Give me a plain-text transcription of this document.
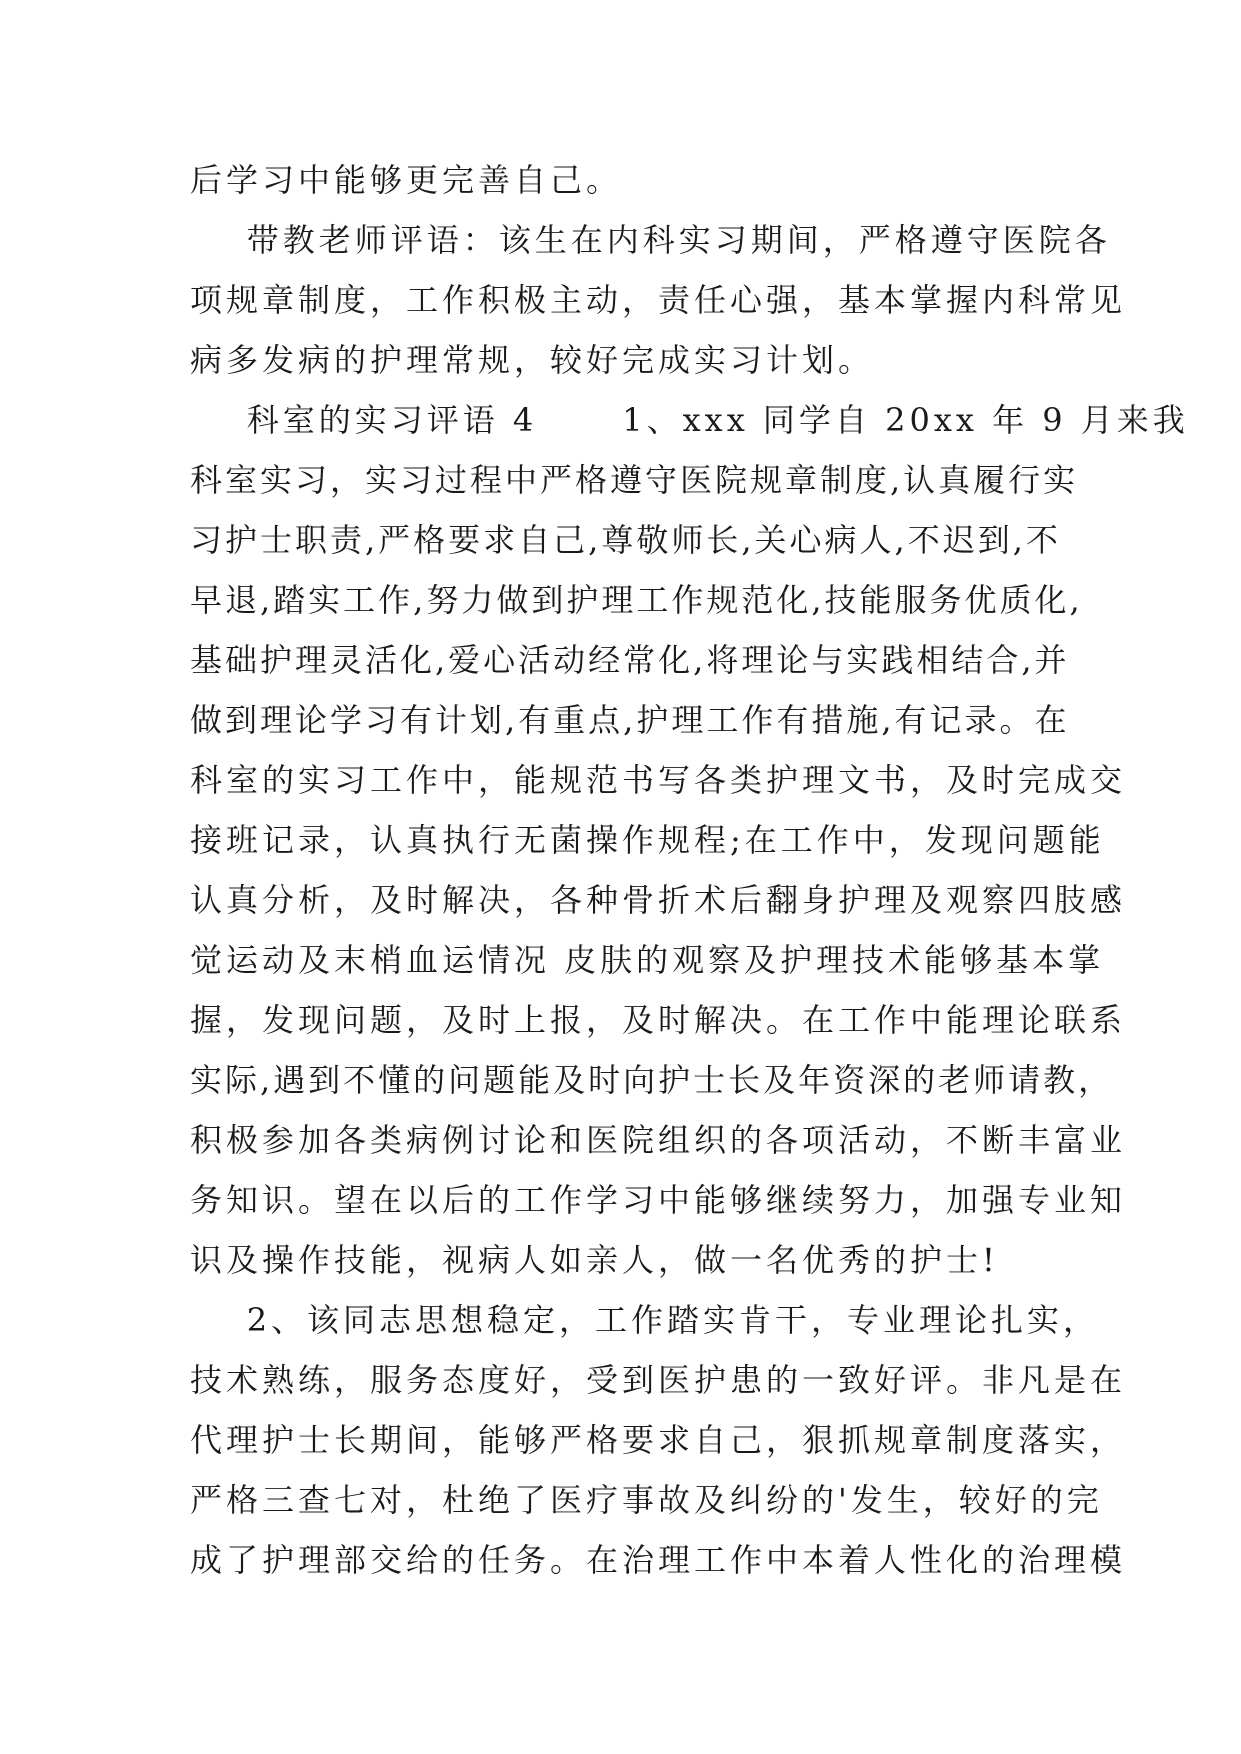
后学习中能够更完善自己。
带教老师评语：该生在内科实习期间，严格遵守医院各
项规章制度，工作积极主动，责任心强，基本掌握内科常见
病多发病的护理常规，较好完成实习计划。
科室的实习评语 4      1、xxx 同学自 20xx 年 9 月来我
科室实习，实习过程中严格遵守医院规章制度,认真履行实
习护士职责,严格要求自己,尊敬师长,关心病人,不迟到,不
早退,踏实工作,努力做到护理工作规范化,技能服务优质化,
基础护理灵活化,爱心活动经常化,将理论与实践相结合,并
做到理论学习有计划,有重点,护理工作有措施,有记录。在
科室的实习工作中，能规范书写各类护理文书，及时完成交
接班记录，认真执行无菌操作规程;在工作中，发现问题能
认真分析，及时解决，各种骨折术后翻身护理及观察四肢感
觉运动及末梢血运情况 皮肤的观察及护理技术能够基本掌
握，发现问题，及时上报，及时解决。在工作中能理论联系
实际,遇到不懂的问题能及时向护士长及年资深的老师请教，
积极参加各类病例讨论和医院组织的各项活动，不断丰富业
务知识。望在以后的工作学习中能够继续努力，加强专业知
识及操作技能，视病人如亲人，做一名优秀的护士!
2、该同志思想稳定，工作踏实肯干，专业理论扎实，
技术熟练，服务态度好，受到医护患的一致好评。非凡是在
代理护士长期间，能够严格要求自己，狠抓规章制度落实，
严格三查七对，杜绝了医疗事故及纠纷的'发生，较好的完
成了护理部交给的任务。在治理工作中本着人性化的治理模
